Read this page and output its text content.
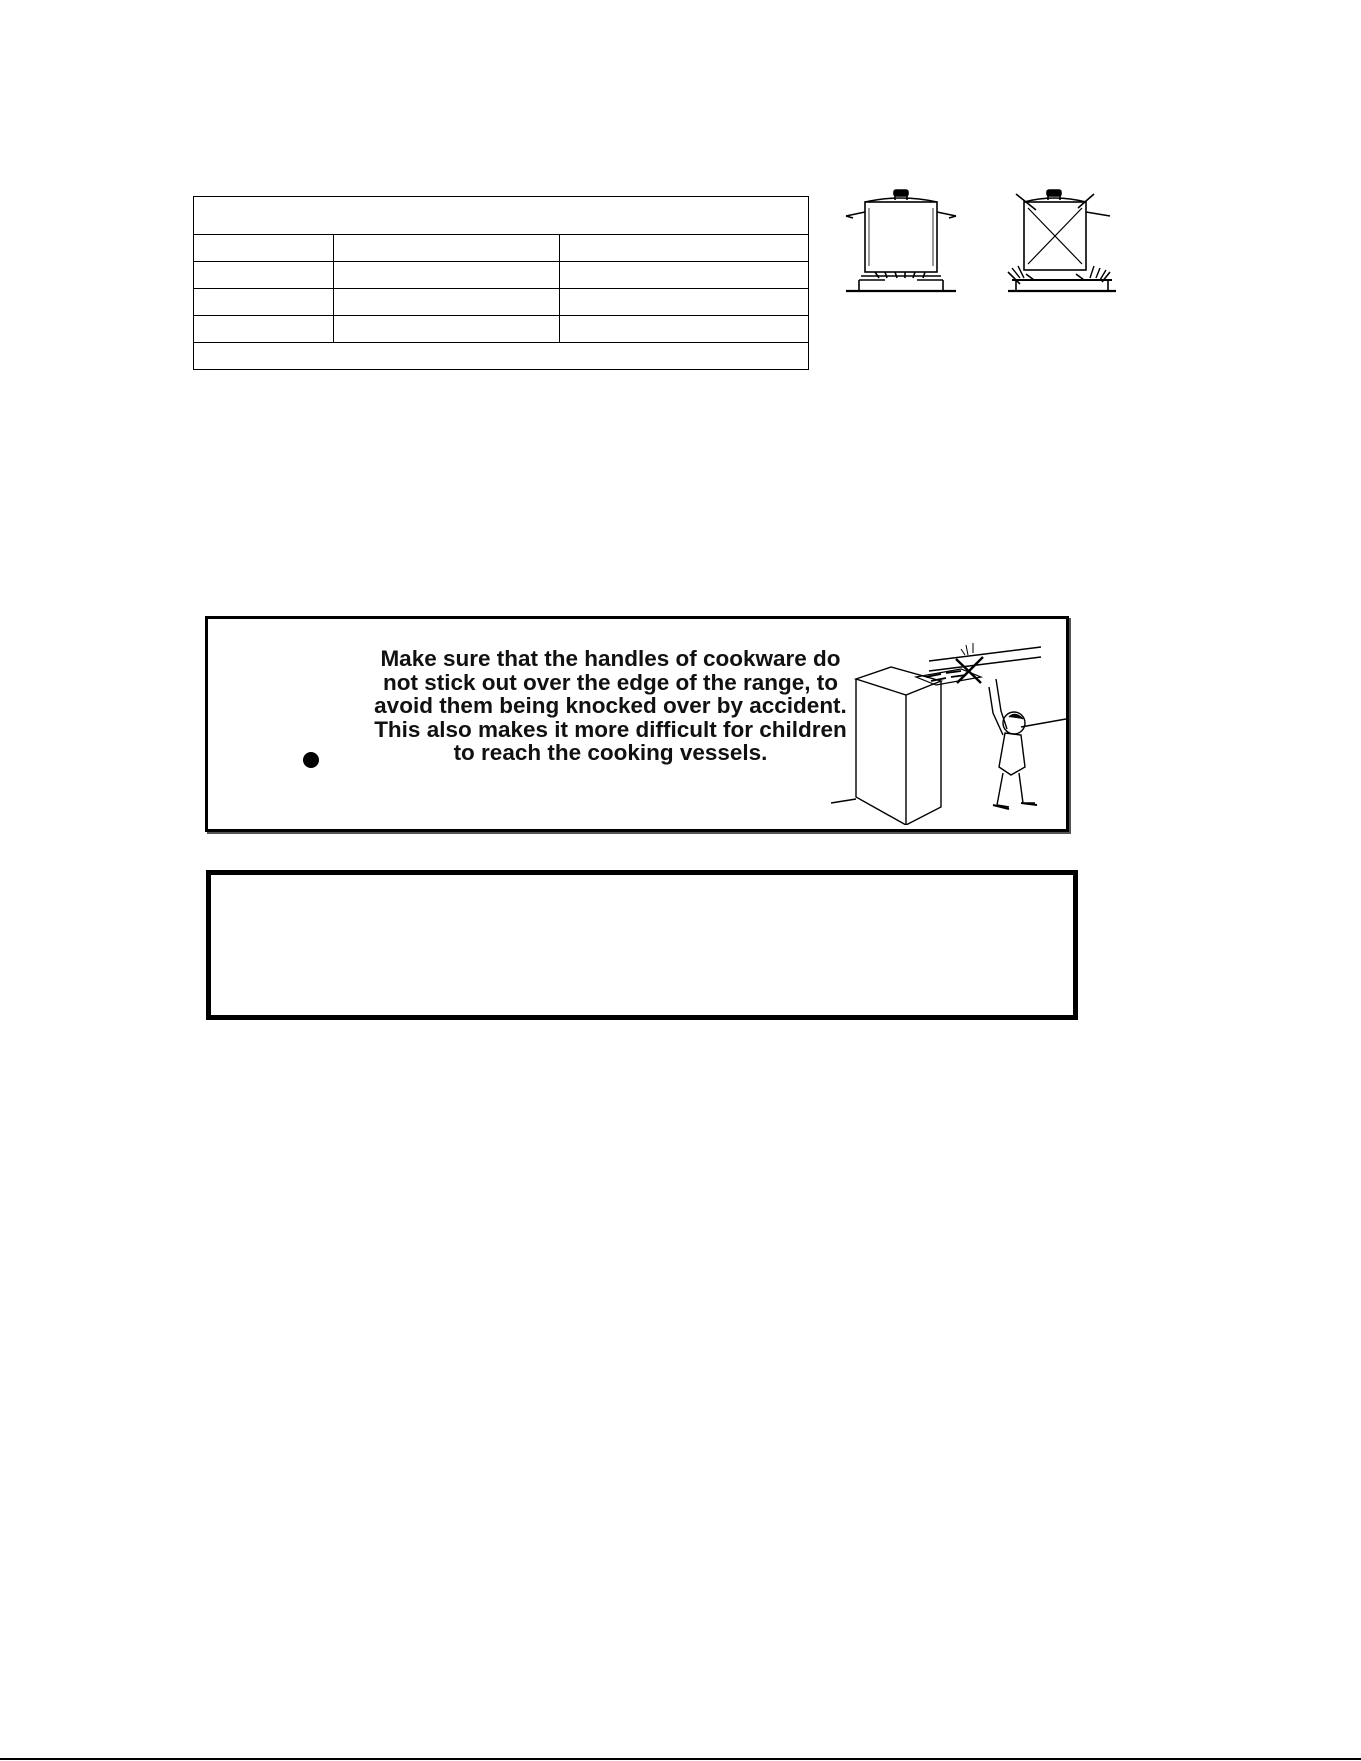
Make sure that the handles of cookware do not stick out over the edge of the range, to avoid them being knocked over by accident. This also makes it more difficult for children to reach the cooking vessels.
